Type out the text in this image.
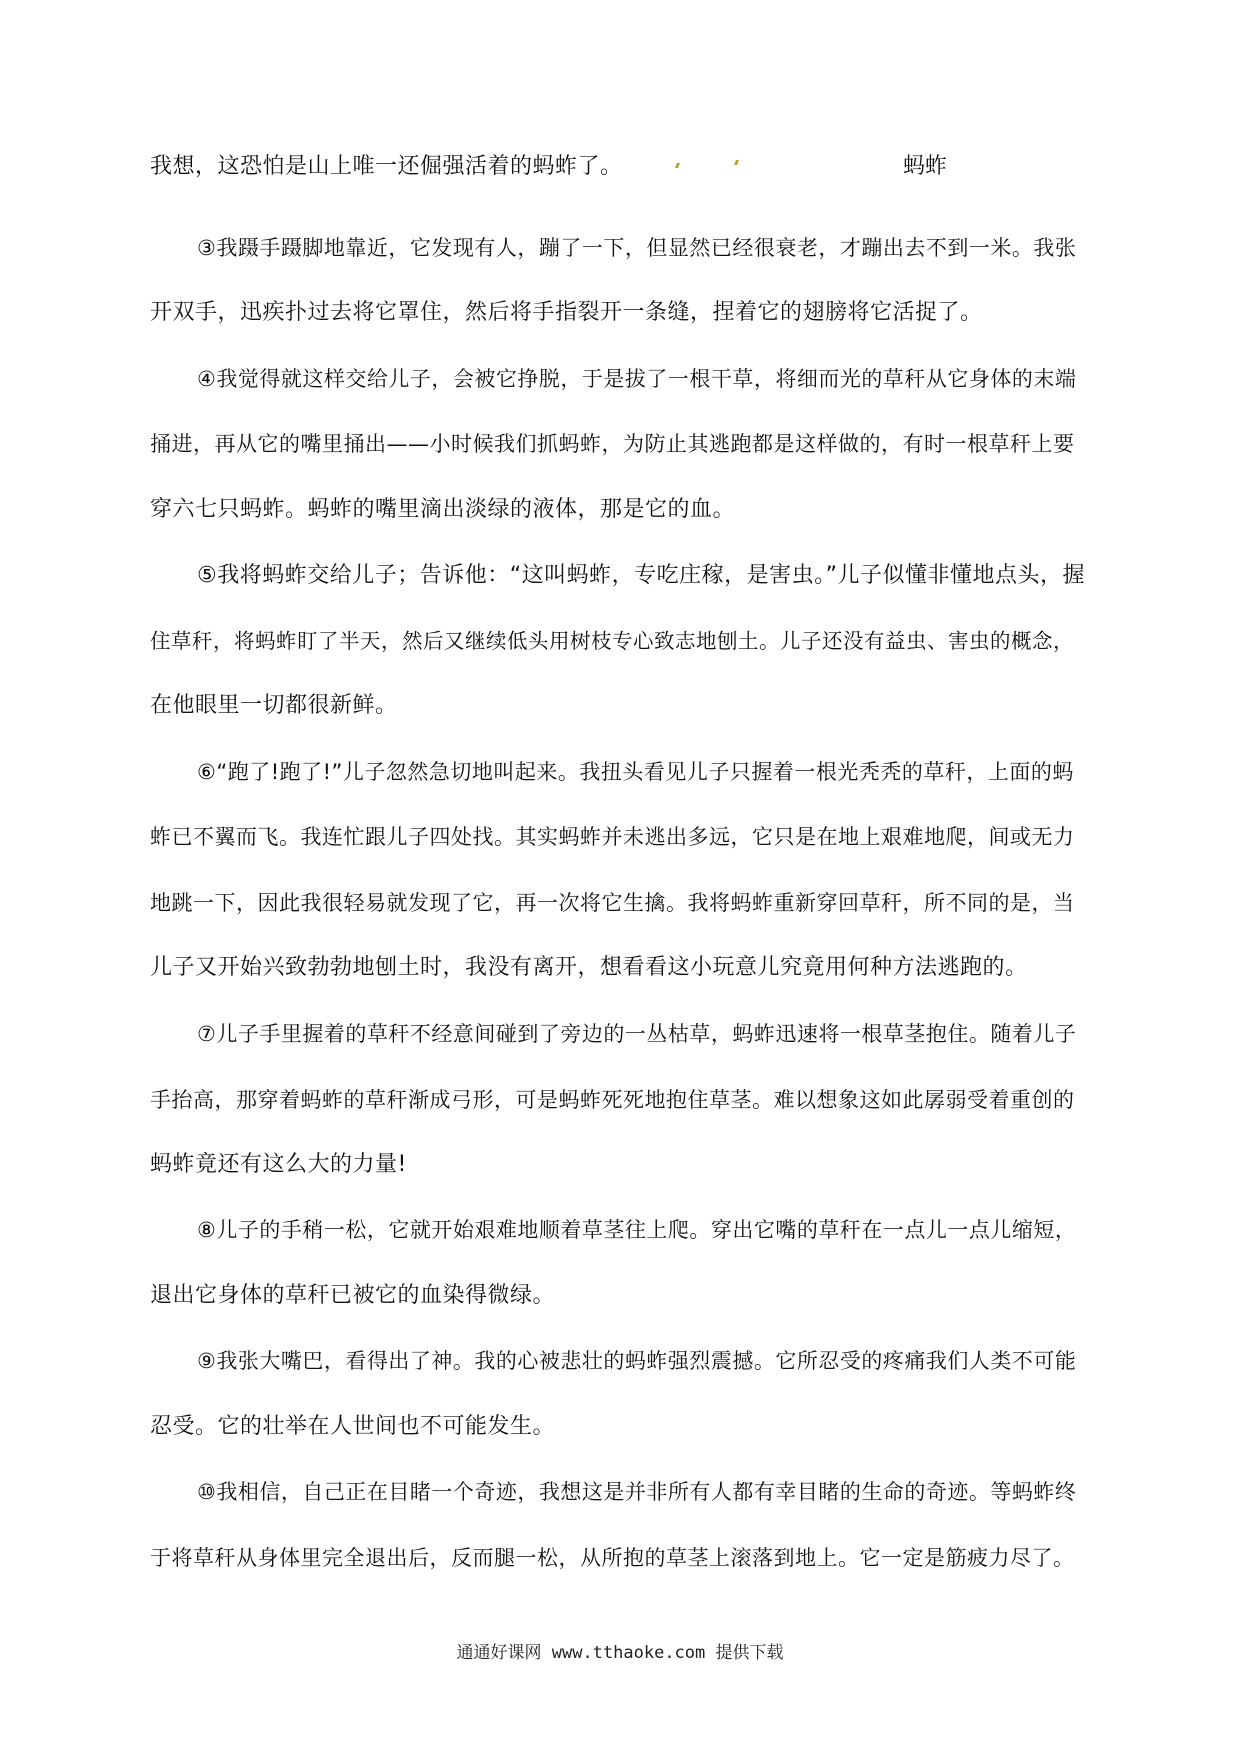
我想，这恐怕是山上唯一还倔强活着的蚂蚱了。	蚂蚱
③我蹑手蹑脚地靠近，它发现有人，蹦了一下，但显然已经很衰老，才蹦出去不到一米。我张
开双手，迅疾扑过去将它罩住，然后将手指裂开一条缝，捏着它的翅膀将它活捉了。
④我觉得就这样交给儿子，会被它挣脱，于是拔了一根干草，将细而光的草秆从它身体的末端
捅进，再从它的嘴里捅出——小时候我们抓蚂蚱，为防止其逃跑都是这样做的，有时一根草秆上要
穿六七只蚂蚱。蚂蚱的嘴里滴出淡绿的液体，那是它的血。
⑤我将蚂蚱交给儿子；告诉他：“这叫蚂蚱，专吃庄稼，是害虫。”儿子似懂非懂地点头，握
住草秆，将蚂蚱盯了半天，然后又继续低头用树枝专心致志地刨土。儿子还没有益虫、害虫的概念，
在他眼里一切都很新鲜。
⑥“跑了!跑了!”儿子忽然急切地叫起来。我扭头看见儿子只握着一根光秃秃的草秆，上面的蚂
蚱已不翼而飞。我连忙跟儿子四处找。其实蚂蚱并未逃出多远，它只是在地上艰难地爬，间或无力
地跳一下，因此我很轻易就发现了它，再一次将它生擒。我将蚂蚱重新穿回草秆，所不同的是，当
儿子又开始兴致勃勃地刨土时，我没有离开，想看看这小玩意儿究竟用何种方法逃跑的。
⑦儿子手里握着的草秆不经意间碰到了旁边的一丛枯草，蚂蚱迅速将一根草茎抱住。随着儿子
手抬高，那穿着蚂蚱的草秆渐成弓形，可是蚂蚱死死地抱住草茎。难以想象这如此孱弱受着重创的
蚂蚱竟还有这么大的力量!
⑧儿子的手稍一松，它就开始艰难地顺着草茎往上爬。穿出它嘴的草秆在一点儿一点儿缩短，
退出它身体的草秆已被它的血染得微绿。
⑨我张大嘴巴，看得出了神。我的心被悲壮的蚂蚱强烈震撼。它所忍受的疼痛我们人类不可能
忍受。它的壮举在人世间也不可能发生。
⑩我相信，自己正在目睹一个奇迹，我想这是并非所有人都有幸目睹的生命的奇迹。等蚂蚱终
于将草秆从身体里完全退出后，反而腿一松，从所抱的草茎上滚落到地上。它一定是筋疲力尽了。
通通好课网 www.tthaoke.com 提供下载
